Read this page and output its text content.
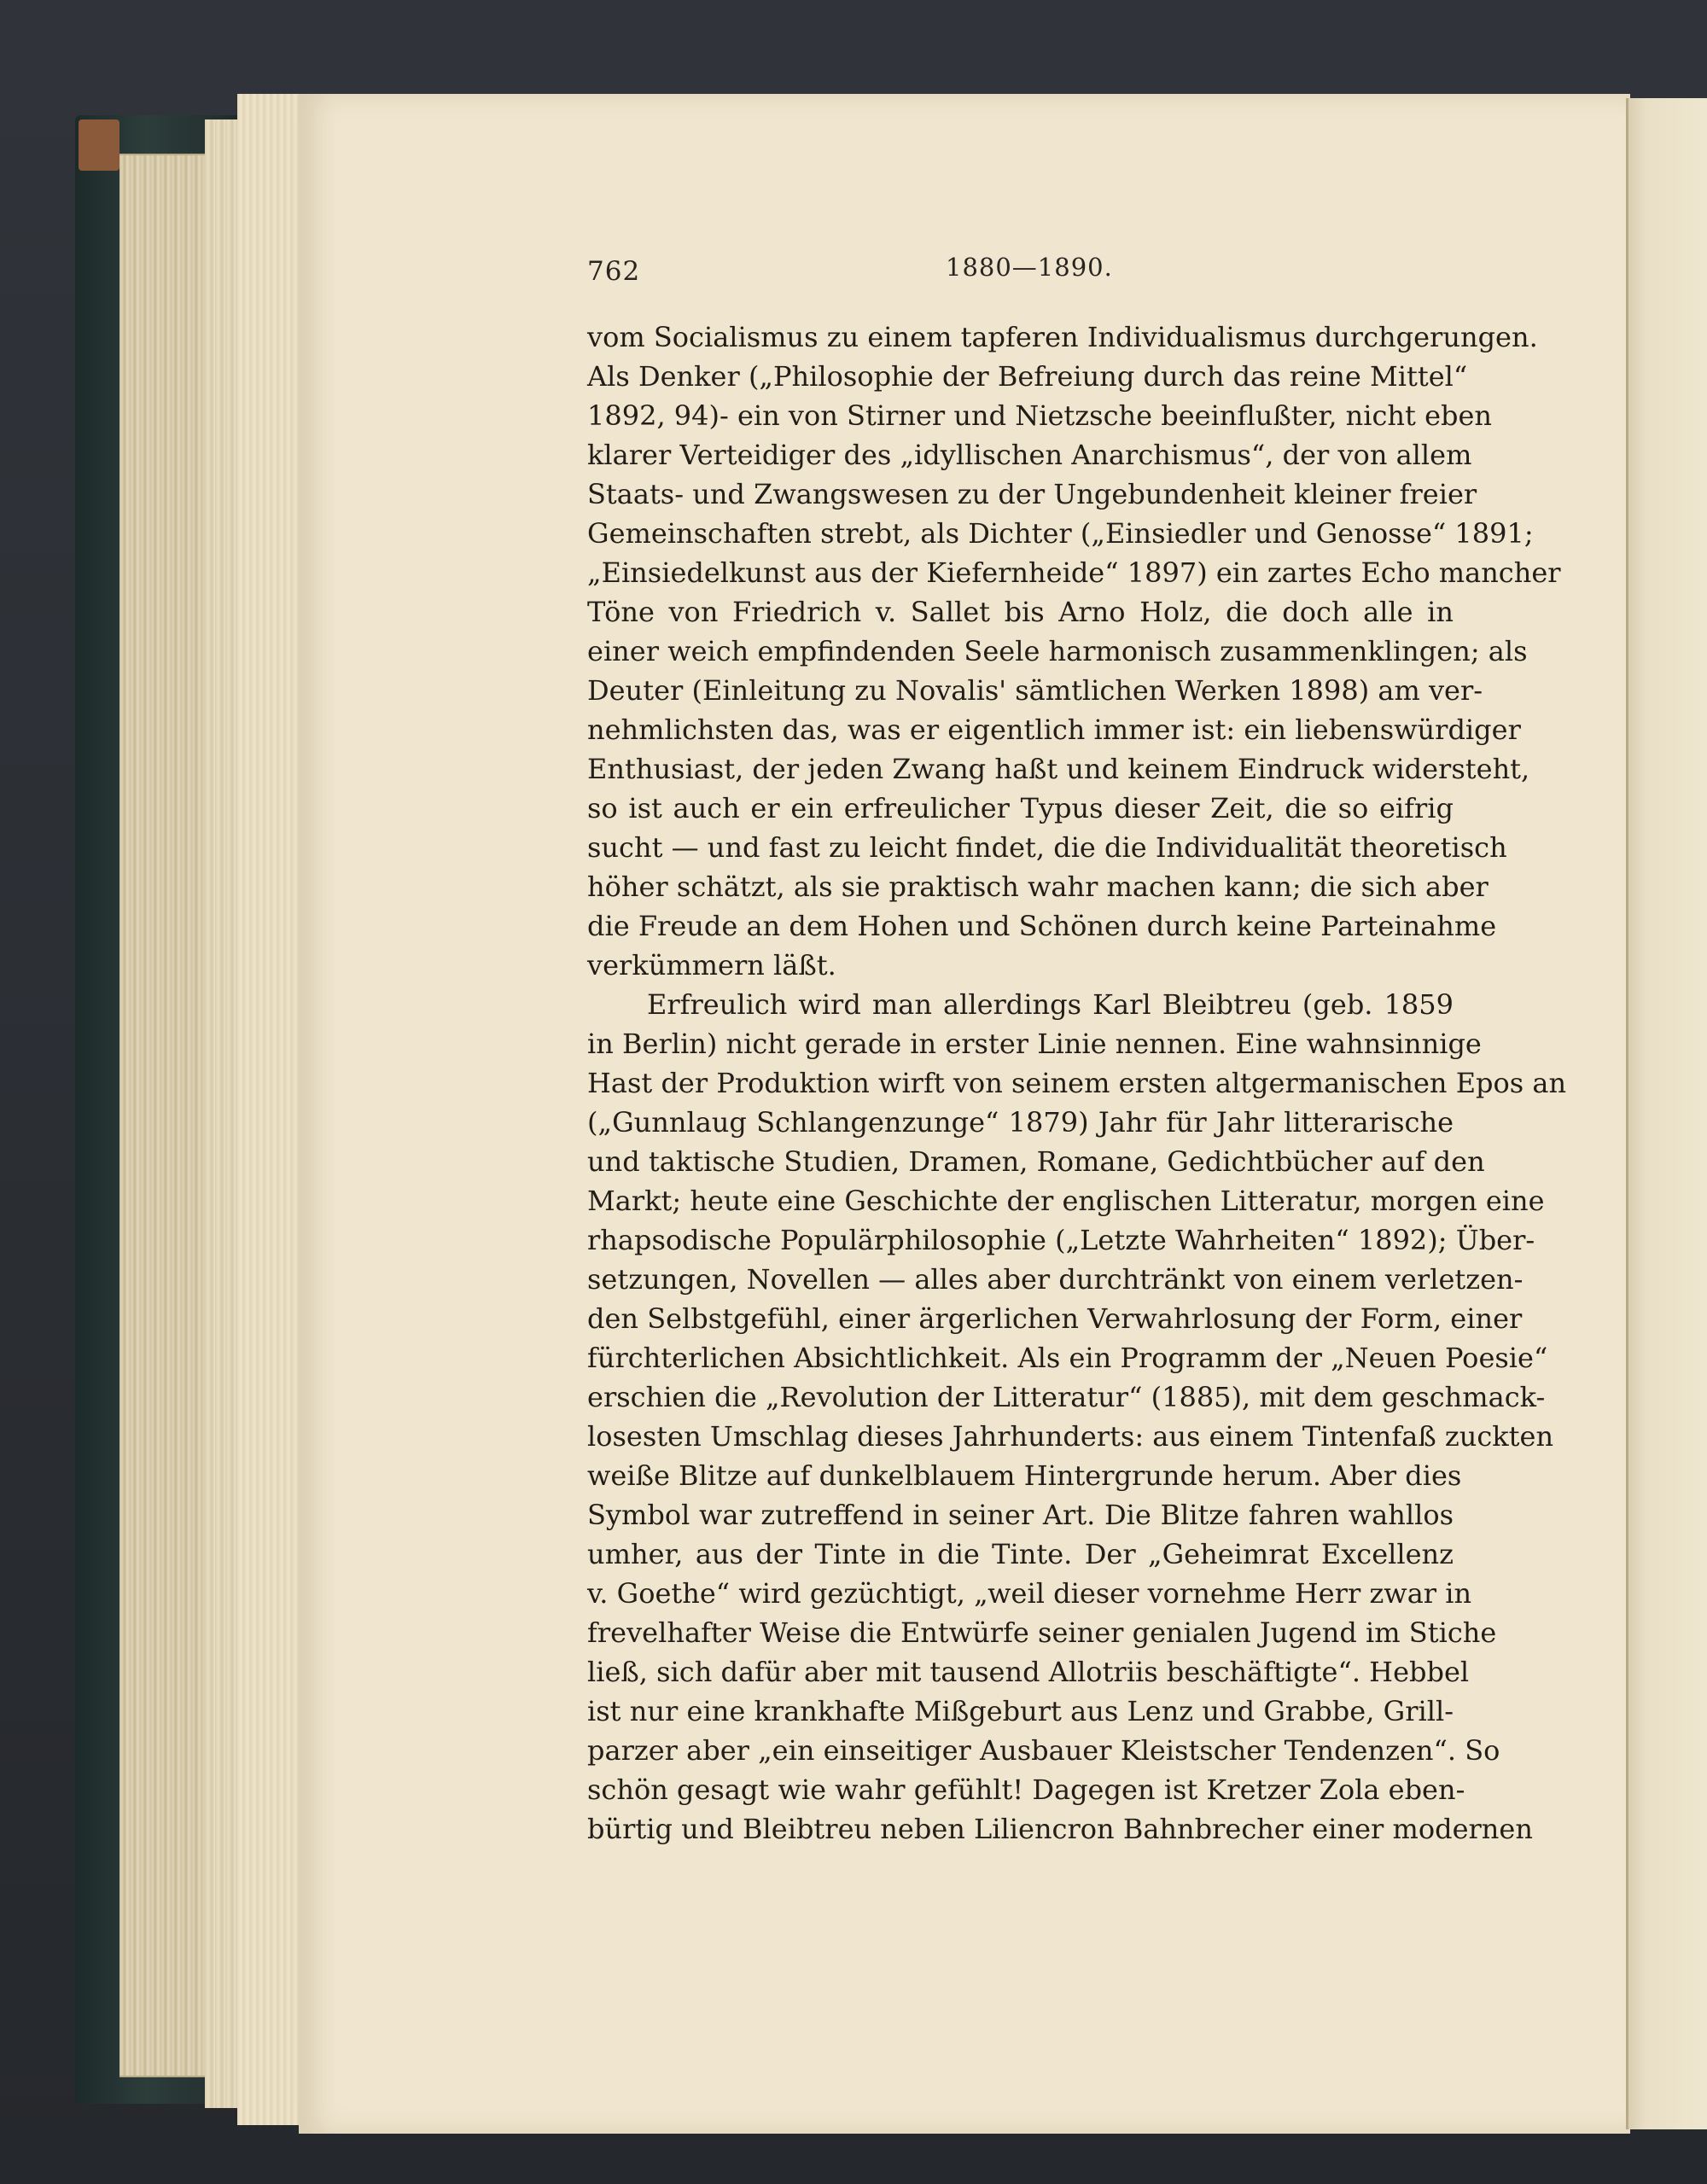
762	1880—1890.
vom Socialismus zu einem tapferen Individualismus durchgerungen.
Als Denker („Philosophie der Befreiung durch das reine Mittel“
1892, 94)- ein von Stirner und Nietzsche beeinflußter, nicht eben
klarer Verteidiger des „idyllischen Anarchismus“, der von allem
Staats- und Zwangswesen zu der Ungebundenheit kleiner freier
Gemeinschaften strebt, als Dichter („Einsiedler und Genosse“ 1891;
„Einsiedelkunst aus der Kiefernheide“ 1897) ein zartes Echo mancher
Töne von Friedrich v. Sallet bis Arno Holz, die doch alle in
einer weich empfindenden Seele harmonisch zusammenklingen; als
Deuter (Einleitung zu Novalis' sämtlichen Werken 1898) am ver-
nehmlichsten das, was er eigentlich immer ist: ein liebenswürdiger
Enthusiast, der jeden Zwang haßt und keinem Eindruck widersteht,
so ist auch er ein erfreulicher Typus dieser Zeit, die so eifrig
sucht — und fast zu leicht findet, die die Individualität theoretisch
höher schätzt, als sie praktisch wahr machen kann; die sich aber
die Freude an dem Hohen und Schönen durch keine Parteinahme
verkümmern läßt.
Erfreulich wird man allerdings Karl Bleibtreu (geb. 1859
in Berlin) nicht gerade in erster Linie nennen. Eine wahnsinnige
Hast der Produktion wirft von seinem ersten altgermanischen Epos an
(„Gunnlaug Schlangenzunge“ 1879) Jahr für Jahr litterarische
und taktische Studien, Dramen, Romane, Gedichtbücher auf den
Markt; heute eine Geschichte der englischen Litteratur, morgen eine
rhapsodische Populärphilosophie („Letzte Wahrheiten“ 1892); Über-
setzungen, Novellen — alles aber durchtränkt von einem verletzen-
den Selbstgefühl, einer ärgerlichen Verwahrlosung der Form, einer
fürchterlichen Absichtlichkeit. Als ein Programm der „Neuen Poesie“
erschien die „Revolution der Litteratur“ (1885), mit dem geschmack-
losesten Umschlag dieses Jahrhunderts: aus einem Tintenfaß zuckten
weiße Blitze auf dunkelblauem Hintergrunde herum. Aber dies
Symbol war zutreffend in seiner Art. Die Blitze fahren wahllos
umher, aus der Tinte in die Tinte. Der „Geheimrat Excellenz
v. Goethe“ wird gezüchtigt, „weil dieser vornehme Herr zwar in
frevelhafter Weise die Entwürfe seiner genialen Jugend im Stiche
ließ, sich dafür aber mit tausend Allotriis beschäftigte“. Hebbel
ist nur eine krankhafte Mißgeburt aus Lenz und Grabbe, Grill-
parzer aber „ein einseitiger Ausbauer Kleistscher Tendenzen“. So
schön gesagt wie wahr gefühlt! Dagegen ist Kretzer Zola eben-
bürtig und Bleibtreu neben Liliencron Bahnbrecher einer modernen
